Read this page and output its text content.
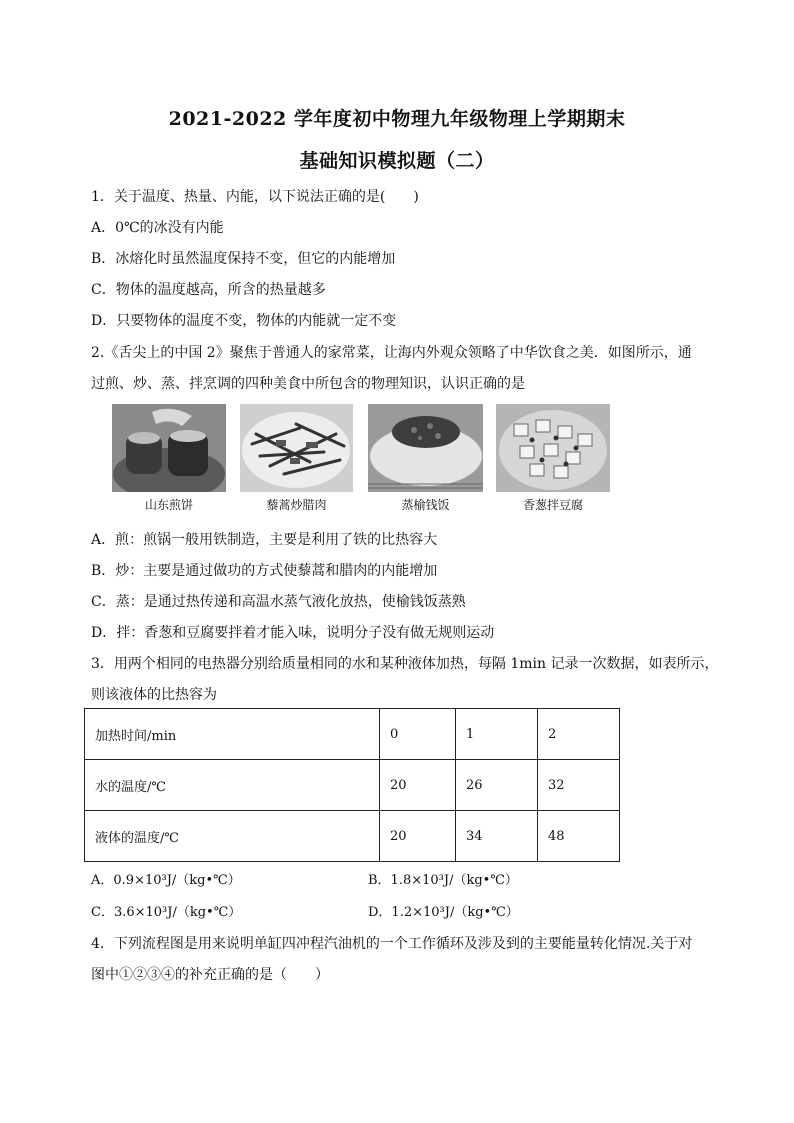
2021-2022 学年度初中物理九年级物理上学期期末
基础知识模拟题（二）
1．关于温度、热量、内能，以下说法正确的是(　　)
A．0℃的冰没有内能
B．冰熔化时虽然温度保持不变，但它的内能增加
C．物体的温度越高，所含的热量越多
D．只要物体的温度不变，物体的内能就一定不变
2.《舌尖上的中国 2》聚焦于普通人的家常菜，让海内外观众领略了中华饮食之美．如图所示，通
过煎、炒、蒸、拌烹调的四种美食中所包含的物理知识，认识正确的是
山东煎饼	藜蒿炒腊肉	蒸榆钱饭	香葱拌豆腐
A．煎：煎锅一般用铁制造，主要是利用了铁的比热容大
B．炒：主要是通过做功的方式使藜蒿和腊肉的内能增加
C．蒸：是通过热传递和高温水蒸气液化放热，使榆钱饭蒸熟
D．拌：香葱和豆腐要拌着才能入味，说明分子没有做无规则运动
3．用两个相同的电热器分别给质量相同的水和某种液体加热，每隔 1min 记录一次数据，如表所示，
则该液体的比热容为
加热时间/min	0	1	2
水的温度/℃	20	26	32
液体的温度/℃	20	34	48
A．0.9×10³J/（kg•℃）	B．1.8×10³J/（kg•℃）
C．3.6×10³J/（kg•℃）	D．1.2×10³J/（kg•℃）
4．下列流程图是用来说明单缸四冲程汽油机的一个工作循环及涉及到的主要能量转化情况.关于对
图中①②③④的补充正确的是（　　）
